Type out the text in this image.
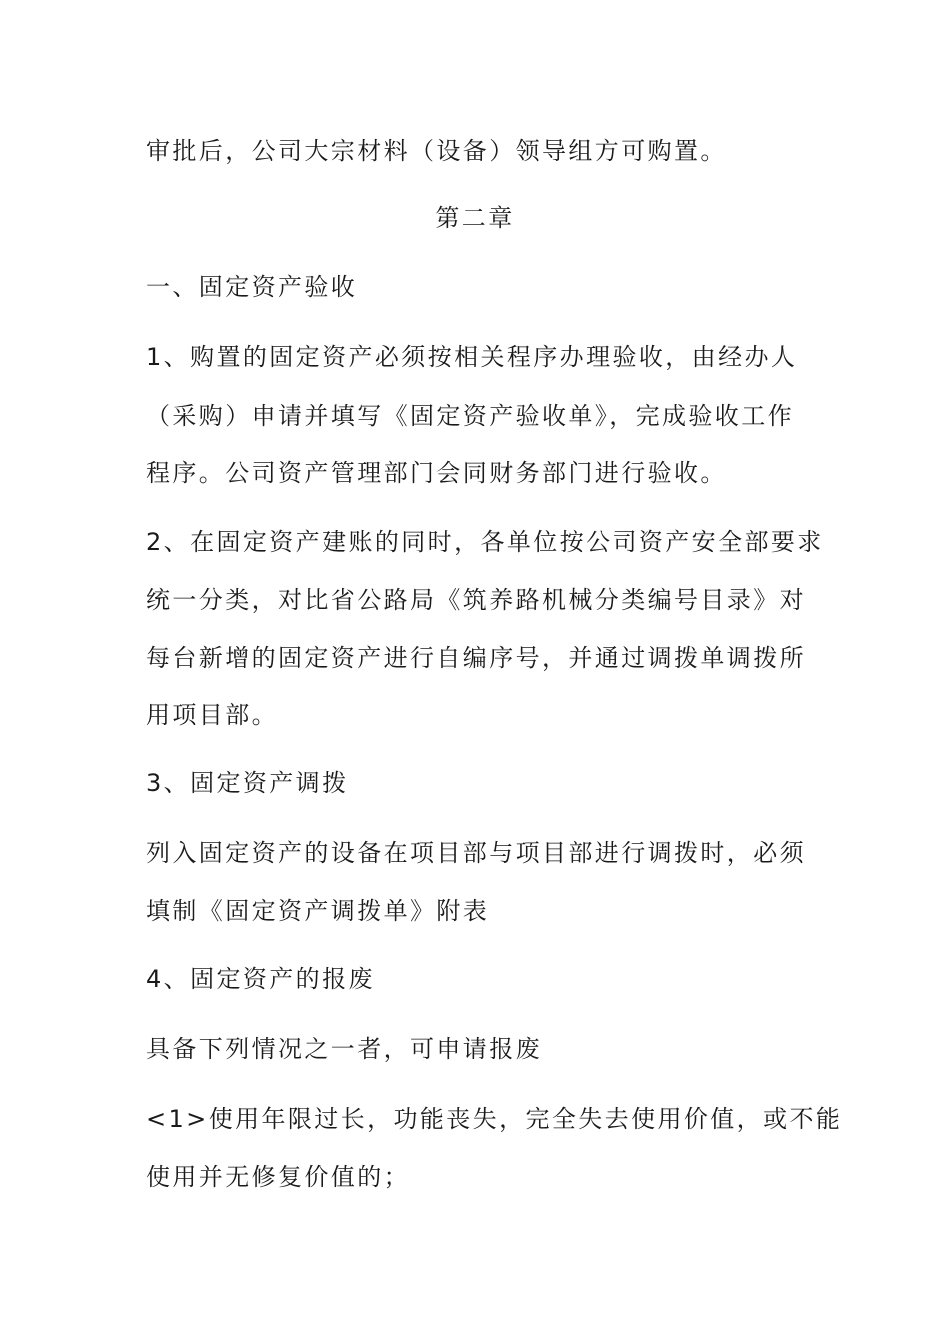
审批后，公司大宗材料（设备）领导组方可购置。
第二章
一、固定资产验收
1、购置的固定资产必须按相关程序办理验收，由经办人
（采购）申请并填写《固定资产验收单》，完成验收工作
程序。公司资产管理部门会同财务部门进行验收。
2、在固定资产建账的同时，各单位按公司资产安全部要求
统一分类，对比省公路局《筑养路机械分类编号目录》对
每台新增的固定资产进行自编序号，并通过调拨单调拨所
用项目部。
3、固定资产调拨
列入固定资产的设备在项目部与项目部进行调拨时，必须
填制《固定资产调拨单》附表
4、固定资产的报废
具备下列情况之一者，可申请报废
<1>使用年限过长，功能丧失，完全失去使用价值，或不能
使用并无修复价值的；
